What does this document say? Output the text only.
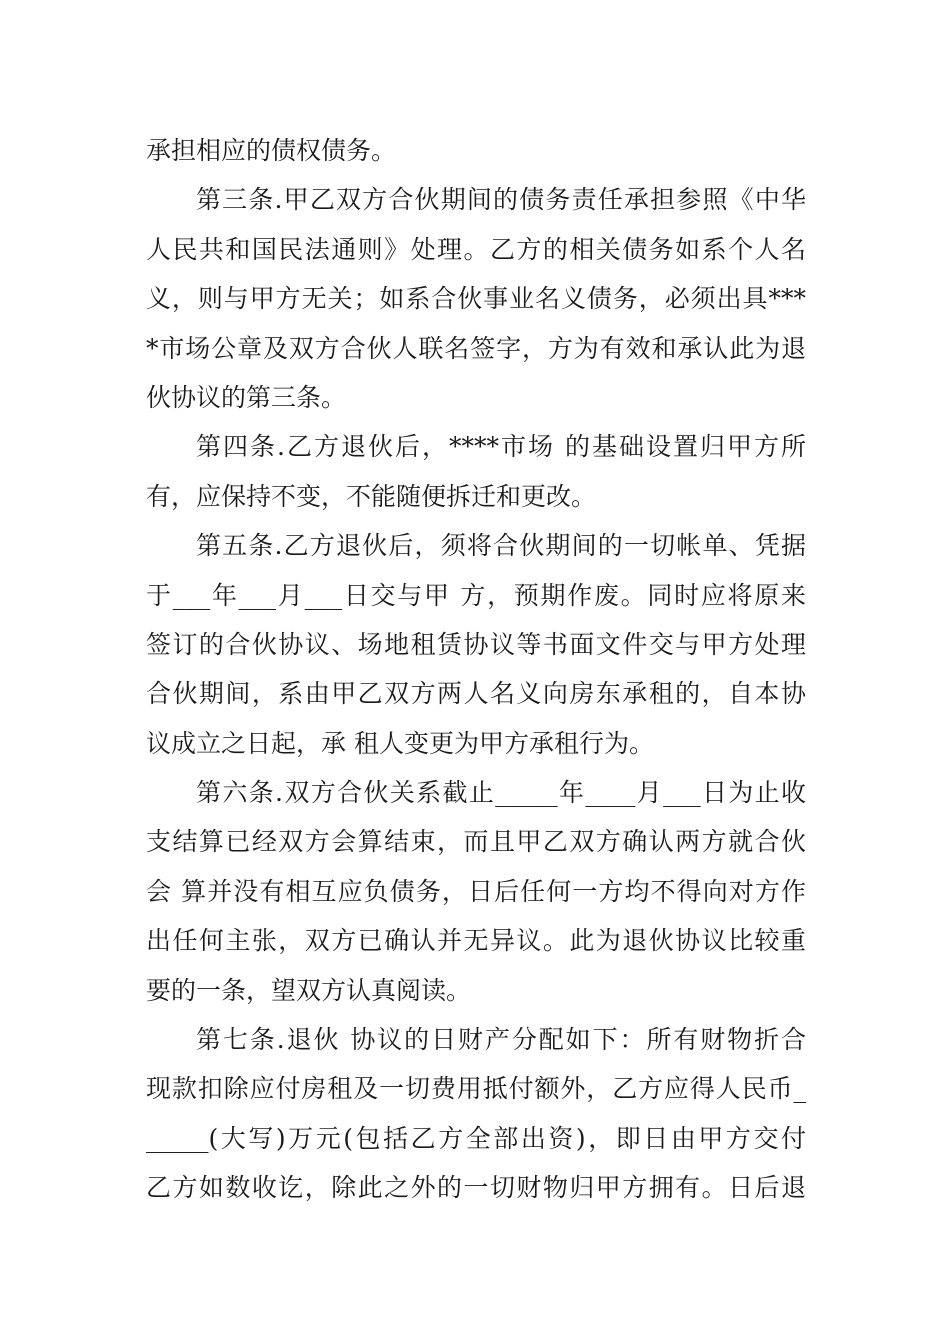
承担相应的债权债务。
第三条.甲乙双方合伙期间的债务责任承担参照《中华
人民共和国民法通则》处理。乙方的相关债务如系个人名
义，则与甲方无关；如系合伙事业名义债务，必须出具***
*市场公章及双方合伙人联名签字，方为有效和承认此为退
伙协议的第三条。
第四条.乙方退伙后，****市场 的基础设置归甲方所
有，应保持不变，不能随便拆迁和更改。
第五条.乙方退伙后，须将合伙期间的一切帐单、凭据
于___年___月___日交与甲 方，预期作废。同时应将原来
签订的合伙协议、场地租赁协议等书面文件交与甲方处理
合伙期间，系由甲乙双方两人名义向房东承租的，自本协
议成立之日起，承 租人变更为甲方承租行为。
第六条.双方合伙关系截止_____年____月___日为止收
支结算已经双方会算结束，而且甲乙双方确认两方就合伙
会 算并没有相互应负债务，日后任何一方均不得向对方作
出任何主张，双方已确认并无异议。此为退伙协议比较重
要的一条，望双方认真阅读。
第七条.退伙 协议的日财产分配如下：所有财物折合
现款扣除应付房租及一切费用抵付额外，乙方应得人民币_
_____(大写)万元(包括乙方全部出资)，即日由甲方交付
乙方如数收讫，除此之外的一切财物归甲方拥有。日后退
